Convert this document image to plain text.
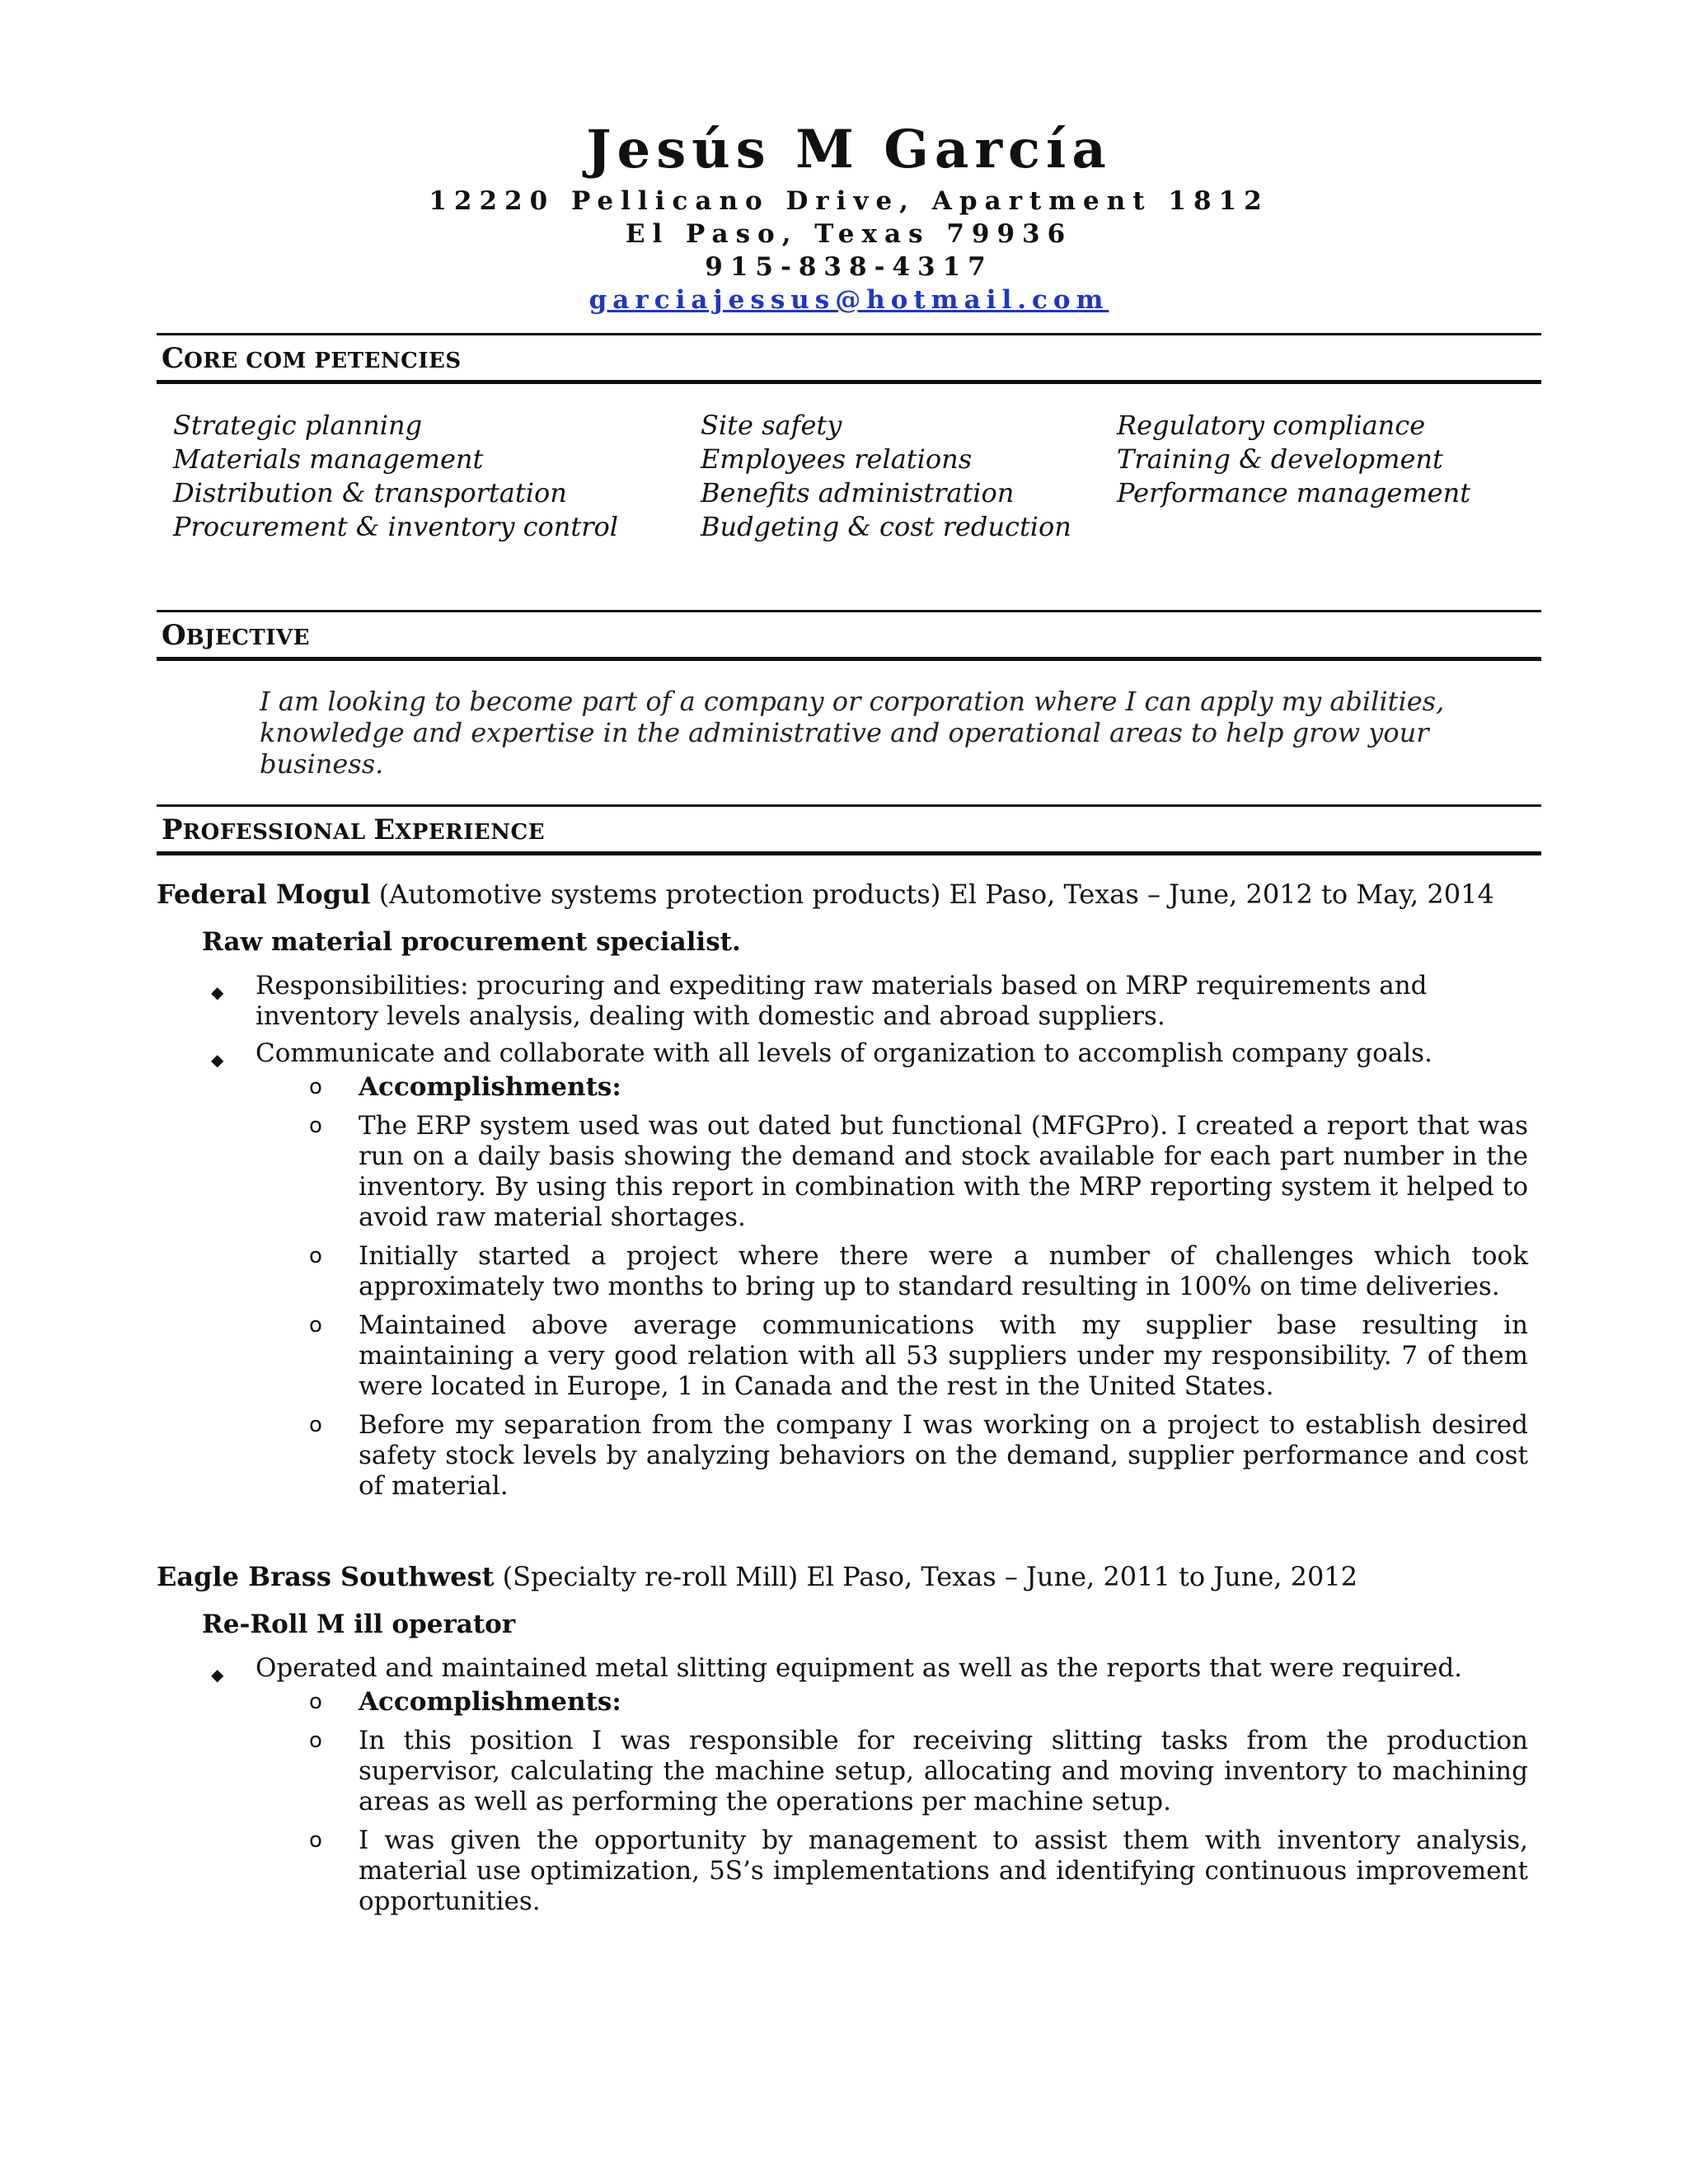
Jesús M García

12220 Pellicano Drive, Apartment 1812

El Paso, Texas 79936

915-838-4317

garciajessus@hotmail.com
CORE COM PETENCIES
Strategic planning
Materials management
Distribution & transportation
Procurement & inventory control
Site safety
Employees relations
Benefits administration
Budgeting & cost reduction
Regulatory compliance
Training & development
Performance management
OBJECTIVE

I am looking to become part of a company or corporation where I can apply my abilities, knowledge and expertise in the administrative and operational areas to help grow your business.

PROFESSIONAL EXPERIENCE
Federal Mogul (Automotive systems protection products) El Paso, Texas – June, 2012 to May, 2014
Raw material procurement specialist.
◆ Responsibilities: procuring and expediting raw materials based on MRP requirements and inventory levels analysis, dealing with domestic and abroad suppliers.
◆ Communicate and collaborate with all levels of organization to accomplish company goals.
o Accomplishments:
o The ERP system used was out dated but functional (MFGPro). I created a report that was run on a daily basis showing the demand and stock available for each part number in the inventory. By using this report in combination with the MRP reporting system it helped to avoid raw material shortages.
o Initially started a project where there were a number of challenges which took approximately two months to bring up to standard resulting in 100% on time deliveries.
o Maintained above average communications with my supplier base resulting in maintaining a very good relation with all 53 suppliers under my responsibility. 7 of them were located in Europe, 1 in Canada and the rest in the United States.
o Before my separation from the company I was working on a project to establish desired safety stock levels by analyzing behaviors on the demand, supplier performance and cost of material.
Eagle Brass Southwest (Specialty re-roll Mill) El Paso, Texas – June, 2011 to June, 2012
Re-Roll M ill operator
◆ Operated and maintained metal slitting equipment as well as the reports that were required.
o Accomplishments:
o In this position I was responsible for receiving slitting tasks from the production supervisor, calculating the machine setup, allocating and moving inventory to machining areas as well as performing the operations per machine setup.
o I was given the opportunity by management to assist them with inventory analysis, material use optimization, 5S’s implementations and identifying continuous improvement opportunities.
